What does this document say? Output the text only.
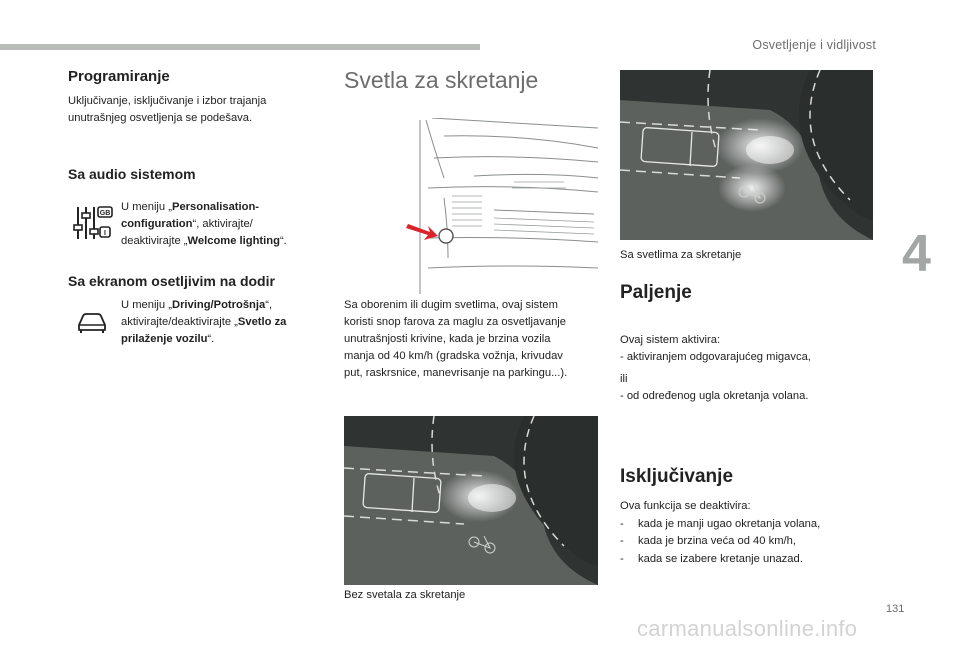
Osvetljenje i vidljivost
Programiranje
Uključivanje, isključivanje i izbor trajanja
unutrašnjeg osvetljenja se podešava.
Sa audio sistemom
GB
I
U meniju „Personalisation-
configuration“, aktivirajte/
deaktivirajte „Welcome lighting“.
Sa ekranom osetljivim na dodir
U meniju „Driving/Potrošnja“,
aktivirajte/deaktivirajte „Svetlo za
prilaženje vozilu“.
Svetla za skretanje
Sa oborenim ili dugim svetlima, ovaj sistem
koristi snop farova za maglu za osvetljavanje
unutrašnjosti krivine, kada je brzina vozila
manja od 40 km/h (gradska vožnja, krivudav
put, raskrsnice, manevrisanje na parkingu...).
Bez svetala za skretanje
Sa svetlima za skretanje
Paljenje
Ovaj sistem aktivira:
- aktiviranjem odgovarajućeg migavca,
ili
- od određenog ugla okretanja volana.
Isključivanje
Ova funkcija se deaktivira:
- kada je manji ugao okretanja volana,
- kada je brzina veća od 40 km/h,
- kada se izabere kretanje unazad.
4
131
carmanualsonline.info
